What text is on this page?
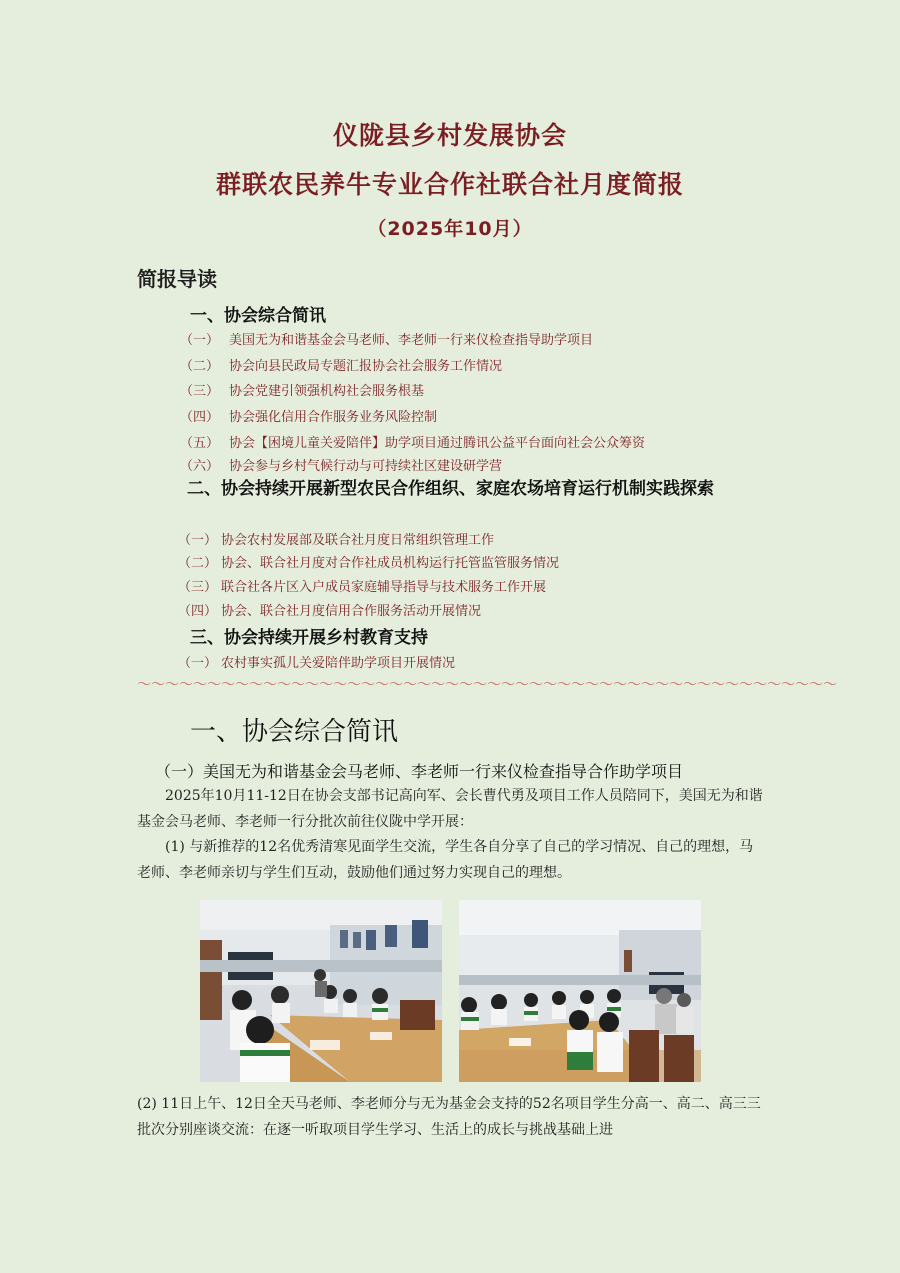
仪陇县乡村发展协会
群联农民养牛专业合作社联合社月度简报
（2025年10月）
简报导读
一、协会综合简讯
（一） 美国无为和谐基金会马老师、李老师一行来仪检查指导助学项目
（二） 协会向县民政局专题汇报协会社会服务工作情况
（三） 协会党建引领强机构社会服务根基
（四） 协会强化信用合作服务业务风险控制
（五） 协会【困境儿童关爱陪伴】助学项目通过腾讯公益平台面向社会公众筹资
（六） 协会参与乡村气候行动与可持续社区建设研学营
二、协会持续开展新型农民合作组织、家庭农场培育运行机制实践探索
（一） 协会农村发展部及联合社月度日常组织管理工作
（二） 协会、联合社月度对合作社成员机构运行托管监管服务情况
（三） 联合社各片区入户成员家庭辅导指导与技术服务工作开展
（四） 协会、联合社月度信用合作服务活动开展情况
三、协会持续开展乡村教育支持
（一） 农村事实孤儿关爱陪伴助学项目开展情况
〜〜〜〜〜〜〜〜〜〜〜〜〜〜〜〜〜〜〜〜〜〜〜〜〜〜〜〜〜〜〜〜〜〜〜〜〜〜〜〜〜〜〜〜〜〜〜〜〜〜
一、协会综合简讯
（一）美国无为和谐基金会马老师、李老师一行来仪检查指导合作助学项目
2025年10月11-12日在协会支部书记高向军、会长曹代勇及项目工作人员陪同下，美国无为和谐基金会马老师、李老师一行分批次前往仪陇中学开展：
(1) 与新推荐的12名优秀清寒见面学生交流，学生各自分享了自己的学习情况、自己的理想，马老师、李老师亲切与学生们互动，鼓励他们通过努力实现自己的理想。
(2) 11日上午、12日全天马老师、李老师分与无为基金会支持的52名项目学生分高一、高二、高三三批次分别座谈交流：在逐一听取项目学生学习、生活上的成长与挑战基础上进
